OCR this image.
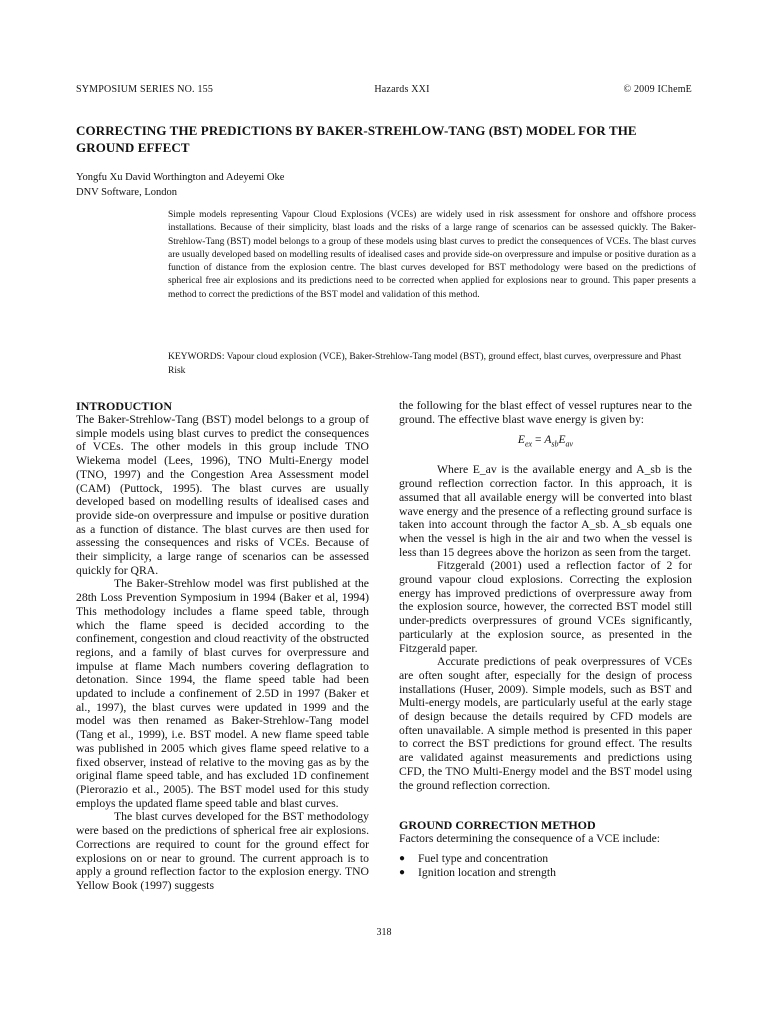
SYMPOSIUM SERIES NO. 155	Hazards XXI	© 2009 IChemE
CORRECTING THE PREDICTIONS BY BAKER-STREHLOW-TANG (BST) MODEL FOR THE GROUND EFFECT
Yongfu Xu David Worthington and Adeyemi Oke
DNV Software, London
Simple models representing Vapour Cloud Explosions (VCEs) are widely used in risk assessment for onshore and offshore process installations. Because of their simplicity, blast loads and the risks of a large range of scenarios can be assessed quickly. The Baker-Strehlow-Tang (BST) model belongs to a group of these models using blast curves to predict the consequences of VCEs. The blast curves are usually developed based on modelling results of idealised cases and provide side-on overpressure and impulse or positive duration as a function of distance from the explosion centre. The blast curves developed for BST methodology were based on the predictions of spherical free air explosions and its predictions need to be corrected when applied for explosions near to ground. This paper presents a method to correct the predictions of the BST model and validation of this method.
KEYWORDS: Vapour cloud explosion (VCE), Baker-Strehlow-Tang model (BST), ground effect, blast curves, overpressure and Phast Risk

INTRODUCTION

The Baker-Strehlow-Tang (BST) model belongs to a group of simple models using blast curves to predict the consequences of VCEs. The other models in this group include TNO Wiekema model (Lees, 1996), TNO Multi-Energy model (TNO, 1997) and the Congestion Area Assessment model (CAM) (Puttock, 1995). The blast curves are usually developed based on modelling results of idealised cases and provide side-on overpressure and impulse or positive duration as a function of distance. The blast curves are then used for assessing the consequences and risks of VCEs. Because of their simplicity, a large range of scenarios can be assessed quickly for QRA.

The Baker-Strehlow model was first published at the 28th Loss Prevention Symposium in 1994 (Baker et al, 1994) This methodology includes a flame speed table, through which the flame speed is decided according to the confinement, congestion and cloud reactivity of the obstructed regions, and a family of blast curves for overpressure and impulse at flame Mach numbers covering deflagration to detonation. Since 1994, the flame speed table had been updated to include a confinement of 2.5D in 1997 (Baker et al., 1997), the blast curves were updated in 1999 and the model was then renamed as Baker-Strehlow-Tang model (Tang et al., 1999), i.e. BST model. A new flame speed table was published in 2005 which gives flame speed relative to a fixed observer, instead of relative to the moving gas as by the original flame speed table, and has excluded 1D confinement (Pierorazio et al., 2005). The BST model used for this study employs the updated flame speed table and blast curves.

The blast curves developed for the BST methodology were based on the predictions of spherical free air explosions. Corrections are required to count for the ground effect for explosions on or near to ground. The current approach is to apply a ground reflection factor to the explosion energy. TNO Yellow Book (1997) suggests

the following for the blast effect of vessel ruptures near to the ground. The effective blast wave energy is given by:

$E_{ex} = A_{sb}E_{av}$

Where E_av is the available energy and A_sb is the ground reflection correction factor. In this approach, it is assumed that all available energy will be converted into blast wave energy and the presence of a reflecting ground surface is taken into account through the factor A_sb. A_sb equals one when the vessel is high in the air and two when the vessel is less than 15 degrees above the horizon as seen from the target.

Fitzgerald (2001) used a reflection factor of 2 for ground vapour cloud explosions. Correcting the explosion energy has improved predictions of overpressure away from the explosion source, however, the corrected BST model still under-predicts overpressures of ground VCEs significantly, particularly at the explosion source, as presented in the Fitzgerald paper.

Accurate predictions of peak overpressures of VCEs are often sought after, especially for the design of process installations (Huser, 2009). Simple models, such as BST and Multi-energy models, are particularly useful at the early stage of design because the details required by CFD models are often unavailable. A simple method is presented in this paper to correct the BST predictions for ground effect. The results are validated against measurements and predictions using CFD, the TNO Multi-Energy model and the BST model using the ground reflection correction.

GROUND CORRECTION METHOD

Factors determining the consequence of a VCE include:

● Fuel type and concentration
● Ignition location and strength
318
